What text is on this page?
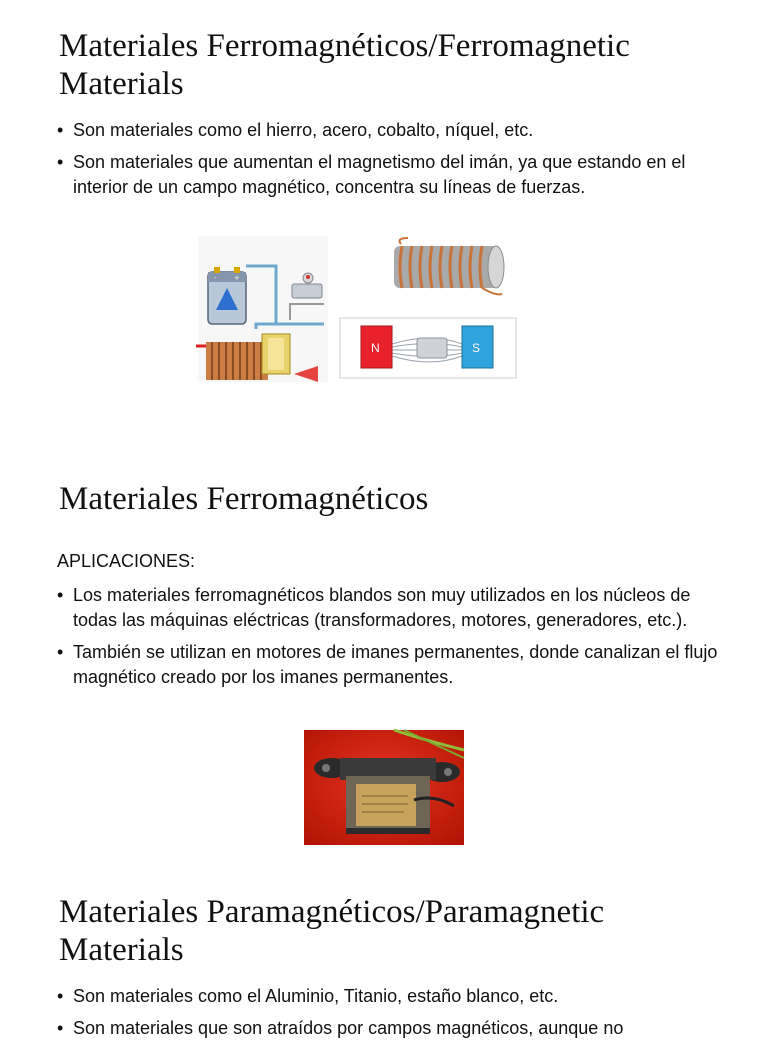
Materiales Ferromagnéticos/Ferromagnetic Materials
• Son materiales como el hierro, acero, cobalto, níquel, etc.
• Son materiales que aumentan el magnetismo del imán, ya que estando en el interior de un campo magnético, concentra su líneas de fuerzas.
- +
N	S
Materiales Ferromagnéticos

APLICACIONES:

• Los materiales ferromagnéticos blandos son muy utilizados en los núcleos de todas las máquinas eléctricas (transformadores, motores, generadores, etc.).
• También se utilizan en motores de imanes permanentes, donde canalizan el flujo magnético creado por los imanes permanentes.
Materiales Paramagnéticos/Paramagnetic Materials
• Son materiales como el Aluminio, Titanio, estaño blanco, etc.
• Son materiales que son atraídos por campos magnéticos, aunque no
